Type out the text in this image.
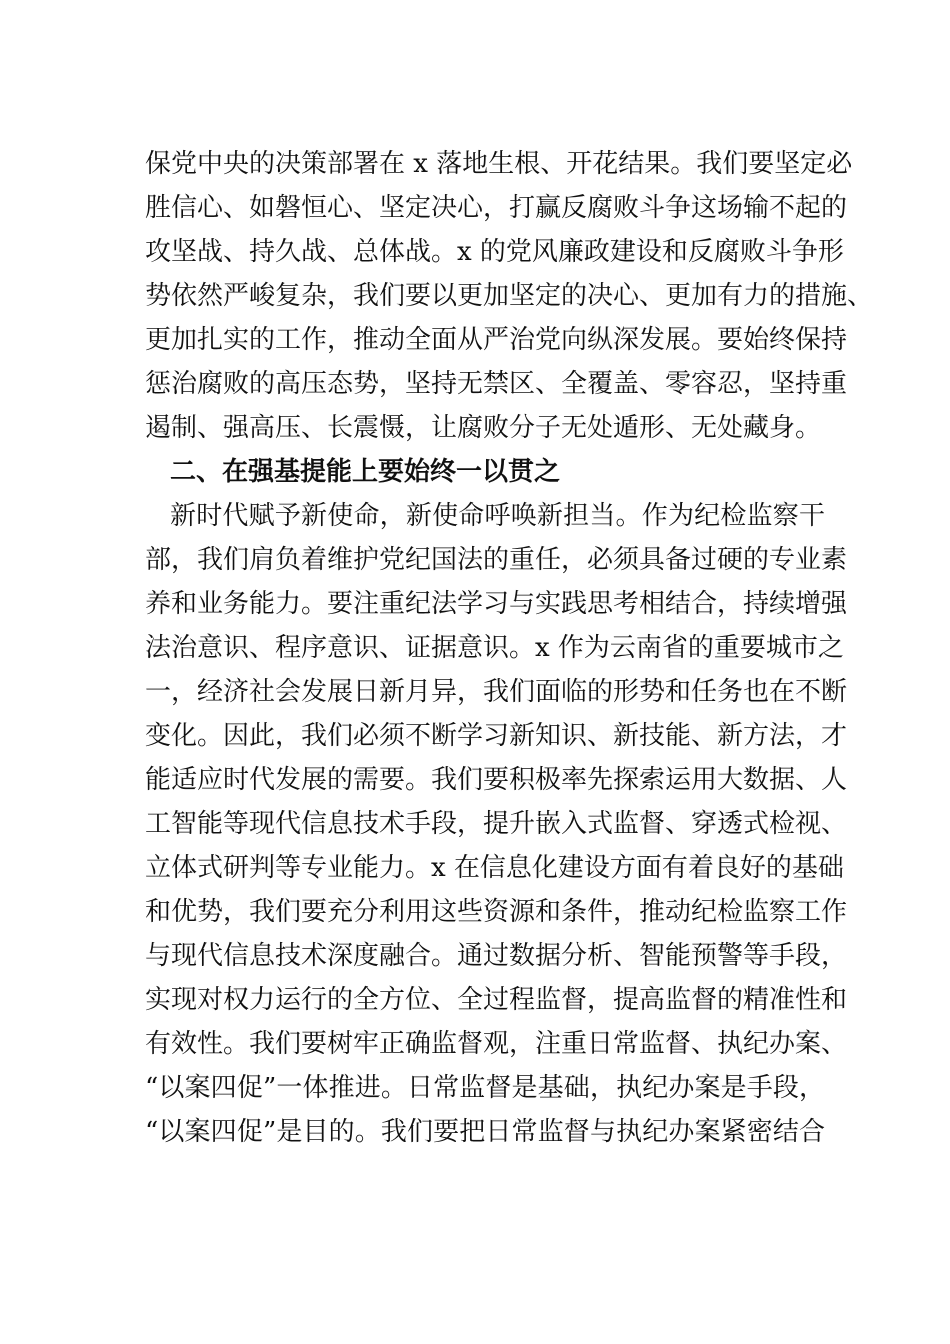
保党中央的决策部署在 x 落地生根、开花结果。我们要坚定必
胜信心、如磐恒心、坚定决心，打赢反腐败斗争这场输不起的
攻坚战、持久战、总体战。x 的党风廉政建设和反腐败斗争形
势依然严峻复杂，我们要以更加坚定的决心、更加有力的措施、
更加扎实的工作，推动全面从严治党向纵深发展。要始终保持
惩治腐败的高压态势，坚持无禁区、全覆盖、零容忍，坚持重
遏制、强高压、长震慑，让腐败分子无处遁形、无处藏身。
二、在强基提能上要始终一以贯之
新时代赋予新使命，新使命呼唤新担当。作为纪检监察干
部，我们肩负着维护党纪国法的重任，必须具备过硬的专业素
养和业务能力。要注重纪法学习与实践思考相结合，持续增强
法治意识、程序意识、证据意识。x 作为云南省的重要城市之
一，经济社会发展日新月异，我们面临的形势和任务也在不断
变化。因此，我们必须不断学习新知识、新技能、新方法，才
能适应时代发展的需要。我们要积极率先探索运用大数据、人
工智能等现代信息技术手段，提升嵌入式监督、穿透式检视、
立体式研判等专业能力。x 在信息化建设方面有着良好的基础
和优势，我们要充分利用这些资源和条件，推动纪检监察工作
与现代信息技术深度融合。通过数据分析、智能预警等手段，
实现对权力运行的全方位、全过程监督，提高监督的精准性和
有效性。我们要树牢正确监督观，注重日常监督、执纪办案、
“以案四促”一体推进。日常监督是基础，执纪办案是手段，
“以案四促”是目的。我们要把日常监督与执纪办案紧密结合
